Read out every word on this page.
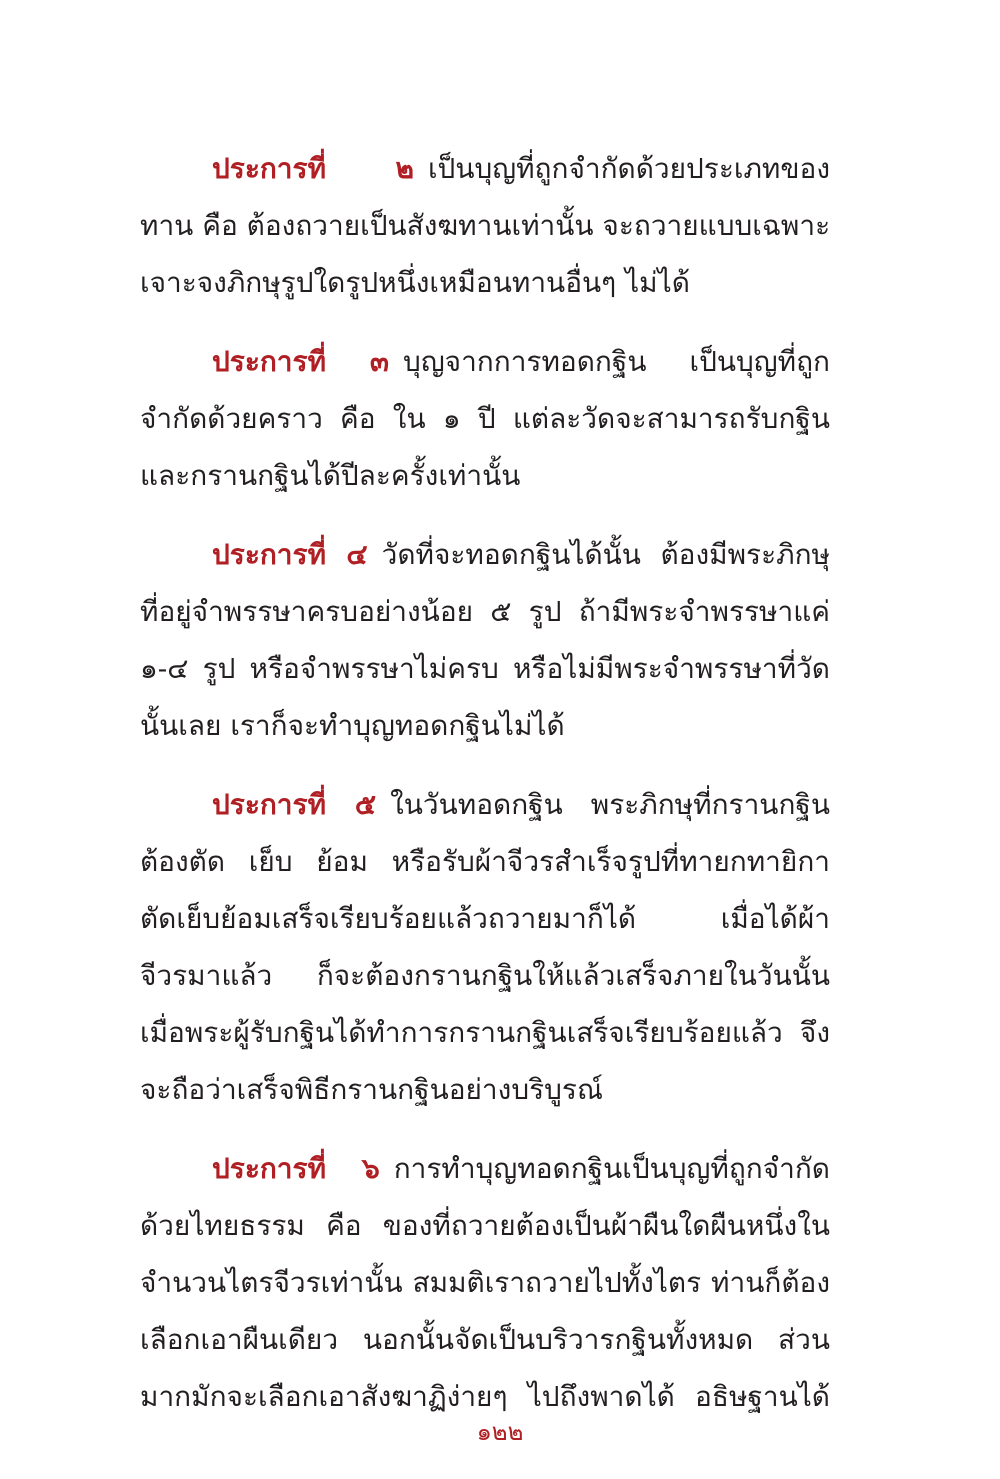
ประการที่ ๒ เป็นบุญที่ถูกจำกัดด้วยประเภทของ
ทาน คือ ต้องถวายเป็นสังฆทานเท่านั้น จะถวายแบบเฉพาะ
เจาะจงภิกษุรูปใดรูปหนึ่งเหมือนทานอื่นๆ ไม่ได้
ประการที่ ๓ บุญจากการทอดกฐิน เป็นบุญที่ถูก
จำกัดด้วยคราว คือ ใน ๑ ปี แต่ละวัดจะสามารถรับกฐิน
และกรานกฐินได้ปีละครั้งเท่านั้น
ประการที่ ๔ วัดที่จะทอดกฐินได้นั้น ต้องมีพระภิกษุ
ที่อยู่จำพรรษาครบอย่างน้อย ๕ รูป ถ้ามีพระจำพรรษาแค่
๑-๔ รูป หรือจำพรรษาไม่ครบ หรือไม่มีพระจำพรรษาที่วัด
นั้นเลย เราก็จะทำบุญทอดกฐินไม่ได้
ประการที่ ๕ ในวันทอดกฐิน พระภิกษุที่กรานกฐิน
ต้องตัด เย็บ ย้อม หรือรับผ้าจีวรสำเร็จรูปที่ทายกทายิกา
ตัดเย็บย้อมเสร็จเรียบร้อยแล้วถวายมาก็ได้ เมื่อได้ผ้า
จีวรมาแล้ว ก็จะต้องกรานกฐินให้แล้วเสร็จภายในวันนั้น
เมื่อพระผู้รับกฐินได้ทำการกรานกฐินเสร็จเรียบร้อยแล้ว จึง
จะถือว่าเสร็จพิธีกรานกฐินอย่างบริบูรณ์
ประการที่ ๖ การทำบุญทอดกฐินเป็นบุญที่ถูกจำกัด
ด้วยไทยธรรม คือ ของที่ถวายต้องเป็นผ้าผืนใดผืนหนึ่งใน
จำนวนไตรจีวรเท่านั้น สมมติเราถวายไปทั้งไตร ท่านก็ต้อง
เลือกเอาผืนเดียว นอกนั้นจัดเป็นบริวารกฐินทั้งหมด ส่วน
มากมักจะเลือกเอาสังฆาฏิง่ายๆ ไปถึงพาดได้ อธิษฐานได้
๑๒๒
